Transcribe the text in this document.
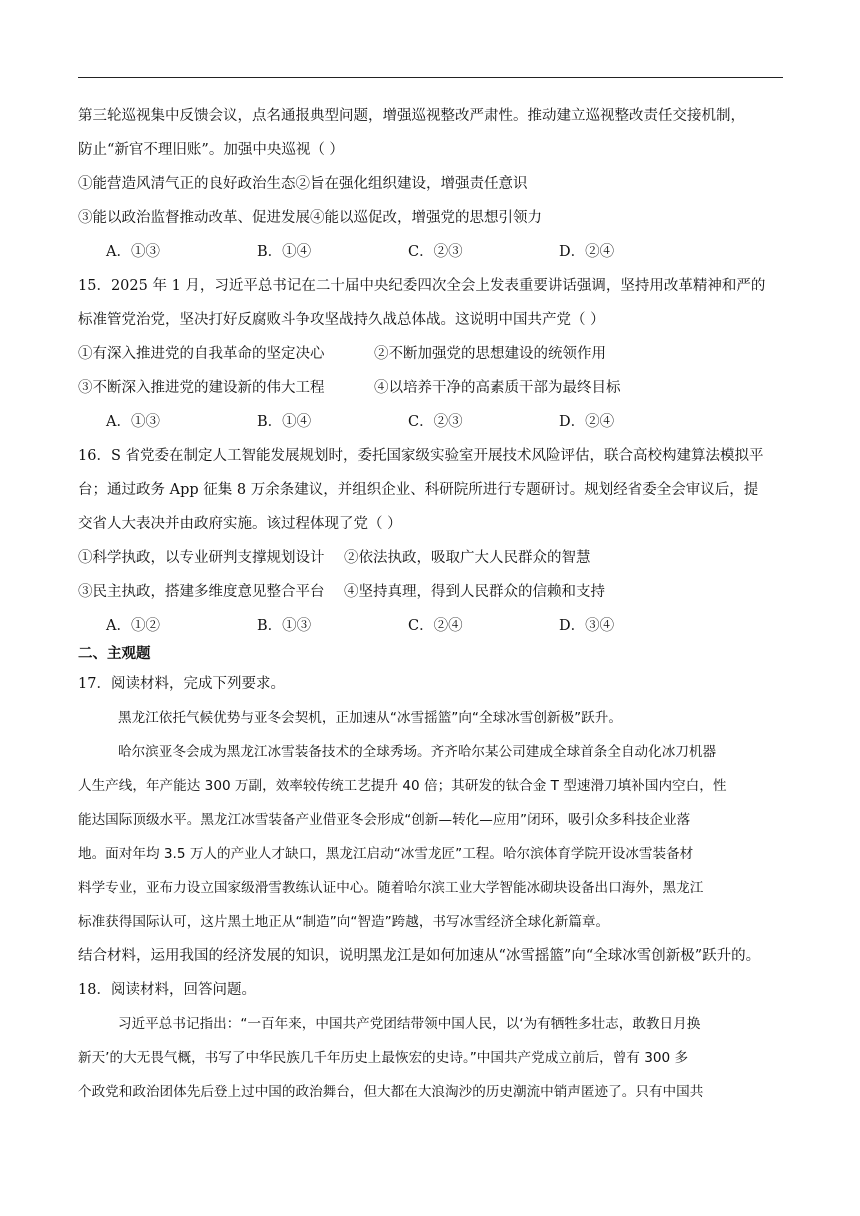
第三轮巡视集中反馈会议，点名通报典型问题，增强巡视整改严肃性。推动建立巡视整改责任交接机制，
防止“新官不理旧账”。加强中央巡视（ ）
①能营造风清气正的良好政治生态②旨在强化组织建设，增强责任意识
③能以政治监督推动改革、促进发展④能以巡促改，增强党的思想引领力
A．①③	B．①④	C．②③	D．②④
15．2025 年 1 月，习近平总书记在二十届中央纪委四次全会上发表重要讲话强调，坚持用改革精神和严的
标准管党治党，坚决打好反腐败斗争攻坚战持久战总体战。这说明中国共产党（ ）
①有深入推进党的自我革命的坚定决心	②不断加强党的思想建设的统领作用
③不断深入推进党的建设新的伟大工程	④以培养干净的高素质干部为最终目标
A．①③	B．①④	C．②③	D．②④
16．S 省党委在制定人工智能发展规划时，委托国家级实验室开展技术风险评估，联合高校构建算法模拟平
台；通过政务 App 征集 8 万余条建议，并组织企业、科研院所进行专题研讨。规划经省委全会审议后，提
交省人大表决并由政府实施。该过程体现了党（ ）
①科学执政，以专业研判支撑规划设计 ②依法执政，吸取广大人民群众的智慧
③民主执政，搭建多维度意见整合平台 ④坚持真理，得到人民群众的信赖和支持
A．①②	B．①③	C．②④	D．③④
二、主观题
17．阅读材料，完成下列要求。
黑龙江依托气候优势与亚冬会契机，正加速从“冰雪摇篮”向“全球冰雪创新极”跃升。
哈尔滨亚冬会成为黑龙江冰雪装备技术的全球秀场。齐齐哈尔某公司建成全球首条全自动化冰刀机器
人生产线，年产能达 300 万副，效率较传统工艺提升 40 倍；其研发的钛合金 T 型速滑刀填补国内空白，性
能达国际顶级水平。黑龙江冰雪装备产业借亚冬会形成“创新—转化—应用”闭环，吸引众多科技企业落
地。面对年均 3.5 万人的产业人才缺口，黑龙江启动“冰雪龙匠”工程。哈尔滨体育学院开设冰雪装备材
料学专业，亚布力设立国家级滑雪教练认证中心。随着哈尔滨工业大学智能冰砌块设备出口海外，黑龙江
标准获得国际认可，这片黑土地正从“制造”向“智造”跨越，书写冰雪经济全球化新篇章。
结合材料，运用我国的经济发展的知识，说明黑龙江是如何加速从“冰雪摇篮”向“全球冰雪创新极”跃升的。
18．阅读材料，回答问题。
习近平总书记指出：“一百年来，中国共产党团结带领中国人民，以‘为有牺牲多壮志，敢教日月换
新天’的大无畏气概，书写了中华民族几千年历史上最恢宏的史诗。”中国共产党成立前后，曾有 300 多
个政党和政治团体先后登上过中国的政治舞台，但大都在大浪淘沙的历史潮流中销声匿迹了。只有中国共
